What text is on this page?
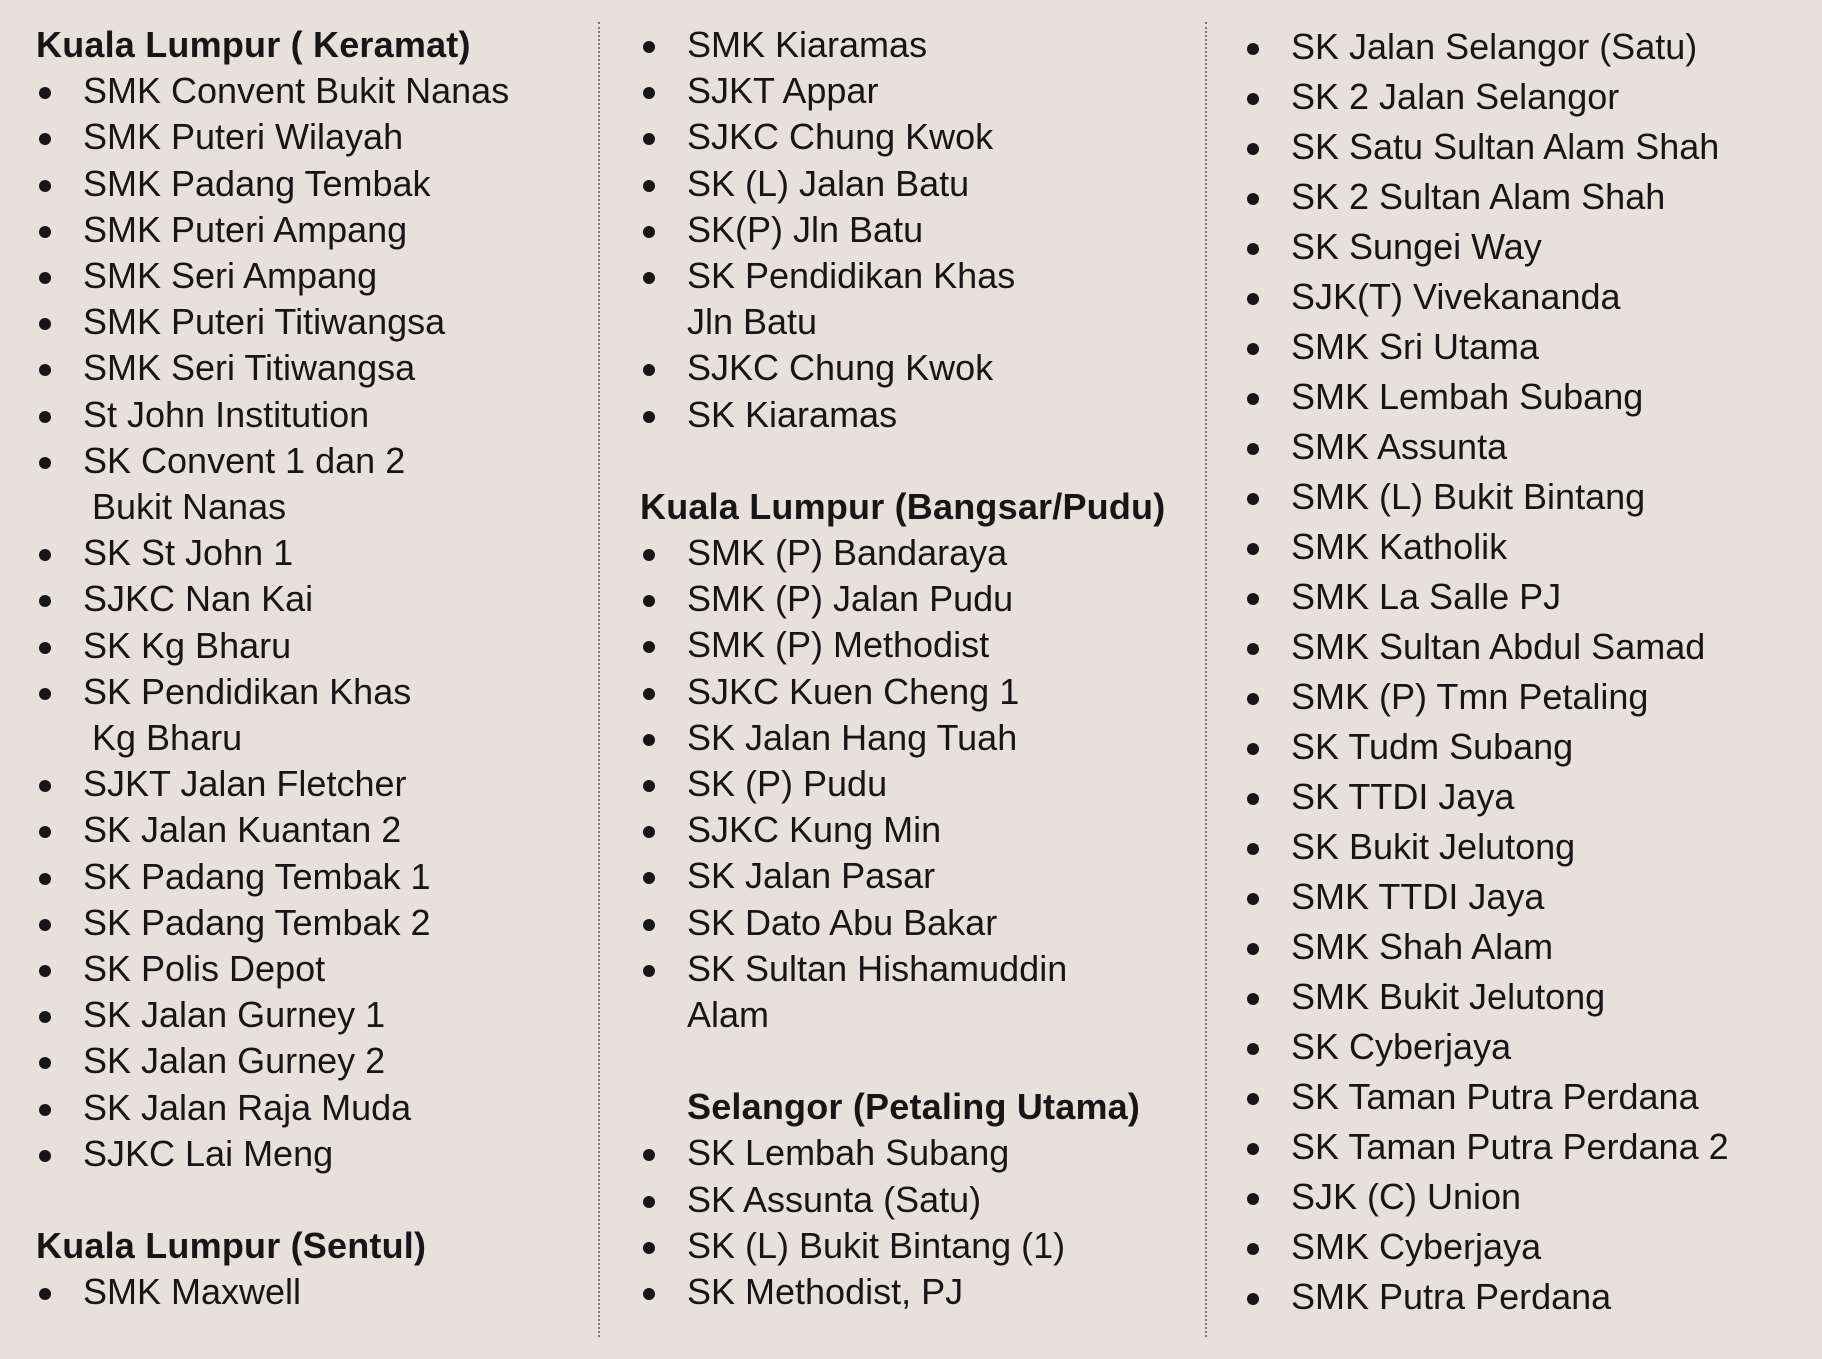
Kuala Lumpur ( Keramat)
SMK Convent Bukit Nanas
SMK Puteri Wilayah
SMK Padang Tembak
SMK Puteri Ampang
SMK Seri Ampang
SMK Puteri Titiwangsa
SMK Seri Titiwangsa
St John Institution
SK Convent 1 dan 2
Bukit Nanas
SK St John 1
SJKC Nan Kai
SK Kg Bharu
SK Pendidikan Khas
Kg Bharu
SJKT Jalan Fletcher
SK Jalan Kuantan 2
SK Padang Tembak 1
SK Padang Tembak 2
SK Polis Depot
SK Jalan Gurney 1
SK Jalan Gurney 2
SK Jalan Raja Muda
SJKC Lai Meng
Kuala Lumpur (Sentul)
SMK Maxwell
SMK Kiaramas
SJKT Appar
SJKC Chung Kwok
SK (L) Jalan Batu
SK(P) Jln Batu
SK Pendidikan Khas
Jln Batu
SJKC Chung Kwok
SK Kiaramas
Kuala Lumpur (Bangsar/Pudu)
SMK (P) Bandaraya
SMK (P) Jalan Pudu
SMK (P) Methodist
SJKC Kuen Cheng 1
SK Jalan Hang Tuah
SK (P) Pudu
SJKC Kung Min
SK Jalan Pasar
SK Dato Abu Bakar
SK Sultan Hishamuddin
Alam
Selangor (Petaling Utama)
SK Lembah Subang
SK Assunta (Satu)
SK (L) Bukit Bintang (1)
SK Methodist, PJ
SK Jalan Selangor (Satu)
SK 2 Jalan Selangor
SK Satu Sultan Alam Shah
SK 2 Sultan Alam Shah
SK Sungei Way
SJK(T) Vivekananda
SMK Sri Utama
SMK Lembah Subang
SMK Assunta
SMK (L) Bukit Bintang
SMK Katholik
SMK La Salle PJ
SMK Sultan Abdul Samad
SMK (P) Tmn Petaling
SK Tudm Subang
SK TTDI Jaya
SK Bukit Jelutong
SMK TTDI Jaya
SMK Shah Alam
SMK Bukit Jelutong
SK Cyberjaya
SK Taman Putra Perdana
SK Taman Putra Perdana 2
SJK (C) Union
SMK Cyberjaya
SMK Putra Perdana
